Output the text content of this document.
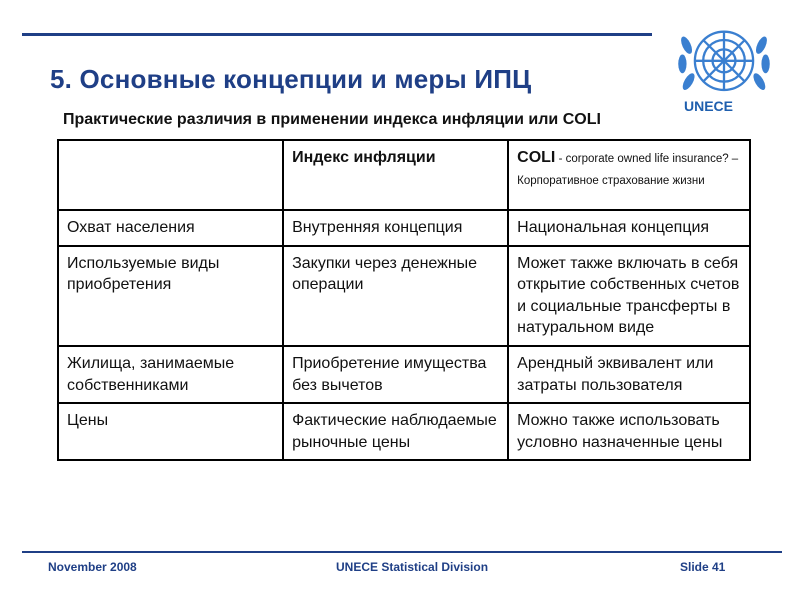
5. Основные концепции и меры ИПЦ
UNECE
Практические различия в применении индекса инфляции или COLI
	Индекс инфляции	COLI - corporate owned life insurance? – Корпоративное страхование жизни
Охват населения	Внутренняя концепция	Национальная концепция
Используемые виды приобретения	Закупки через денежные операции	Может также включать в себя открытие собственных счетов и социальные трансферты в натуральном виде
Жилища, занимаемые собственниками	Приобретение имущества без вычетов	Арендный эквивалент или затраты пользователя
Цены	Фактические наблюдаемые рыночные цены	Можно также использовать условно назначенные цены
November 2008	UNECE Statistical Division	Slide 41
